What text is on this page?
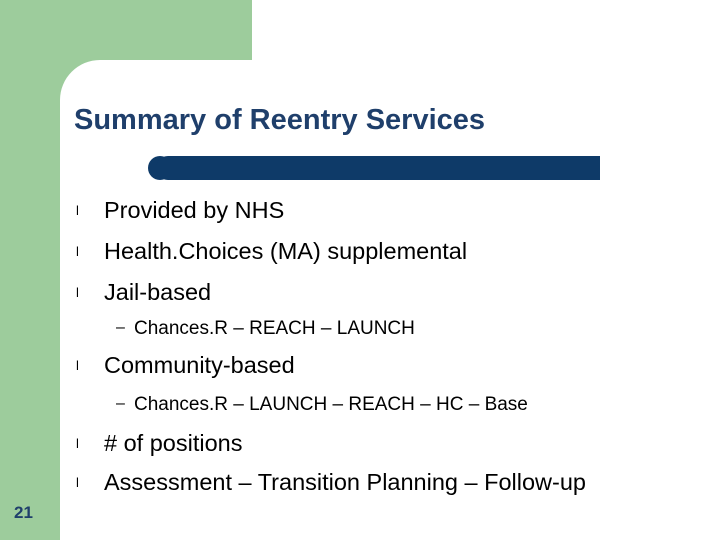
Summary of Reentry Services
l Provided by NHS
l Health.Choices (MA) supplemental
l Jail-based
– Chances.R – REACH – LAUNCH
l Community-based
– Chances.R – LAUNCH – REACH – HC – Base
l # of positions
l Assessment – Transition Planning – Follow-up
21
